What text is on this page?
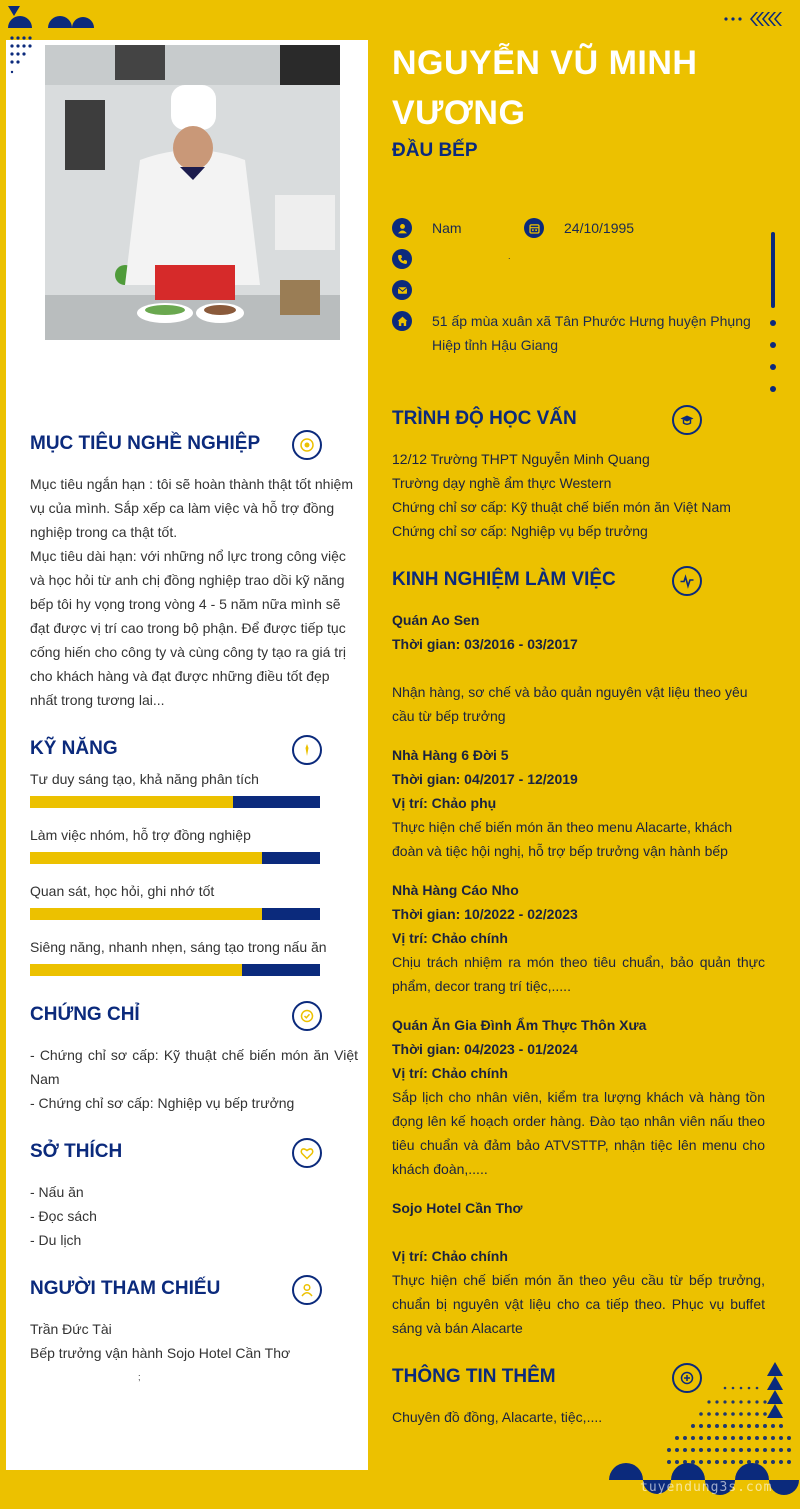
NGUYỄN VŨ MINH VƯƠNG
ĐẦU BẾP
Nam	24/10/1995
.
51 ấp mùa xuân xã Tân Phước Hưng huyện Phụng Hiệp tỉnh Hậu Giang
MỤC TIÊU NGHỀ NGHIỆP
Mục tiêu ngắn hạn : tôi sẽ hoàn thành thật tốt nhiệm vụ của mình. Sắp xếp ca làm việc và hỗ trợ đồng nghiệp trong ca thật tốt.
Mục tiêu dài hạn: với những nổ lực trong công việc và học hỏi từ anh chị đồng nghiệp trao dồi kỹ năng bếp tôi hy vọng trong vòng 4 - 5 năm nữa mình sẽ đạt được vị trí cao trong bộ phận. Để được tiếp tục cống hiến cho công ty và cùng công ty tạo ra giá trị cho khách hàng và đạt được những điều tốt đẹp nhất trong tương lai...
KỸ NĂNG
Tư duy sáng tạo, khả năng phân tích
Làm việc nhóm, hỗ trợ đồng nghiệp
Quan sát, học hỏi, ghi nhớ tốt
Siêng năng, nhanh nhẹn, sáng tạo trong nấu ăn
CHỨNG CHỈ
- Chứng chỉ sơ cấp: Kỹ thuật chế biến món ăn Việt Nam
- Chứng chỉ sơ cấp: Nghiệp vụ bếp trưởng
SỞ THÍCH
- Nấu ăn
- Đọc sách
- Du lịch
NGƯỜI THAM CHIẾU
Trần Đức Tài
Bếp trưởng vận hành Sojo Hotel Cần Thơ
;
TRÌNH ĐỘ HỌC VẤN
12/12 Trường THPT Nguyễn Minh Quang
Trường dạy nghề ẩm thực Western
Chứng chỉ sơ cấp: Kỹ thuật chế biến món ăn Việt Nam
Chứng chỉ sơ cấp: Nghiệp vụ bếp trưởng
KINH NGHIỆM LÀM VIỆC
Quán Ao Sen
Thời gian: 03/2016 - 03/2017
Nhận hàng, sơ chế và bảo quản nguyên vật liệu theo yêu cầu từ bếp trưởng
Nhà Hàng 6 Đời 5
Thời gian: 04/2017 - 12/2019
Vị trí: Chảo phụ
Thực hiện chế biến món ăn theo menu Alacarte, khách đoàn và tiệc hội nghị, hỗ trợ bếp trưởng vận hành bếp
Nhà Hàng Cáo Nho
Thời gian: 10/2022 - 02/2023
Vị trí: Chảo chính
Chịu trách nhiệm ra món theo tiêu chuẩn, bảo quản thực phẩm, decor trang trí tiệc,.....
Quán Ăn Gia Đình Ẩm Thực Thôn Xưa
Thời gian: 04/2023 - 01/2024
Vị trí: Chảo chính
Sắp lịch cho nhân viên, kiểm tra lượng khách và hàng tồn đọng lên kế hoạch order hàng. Đào tạo nhân viên nấu theo tiêu chuẩn và đảm bảo ATVSTTP, nhận tiệc lên menu cho khách đoàn,.....
Sojo Hotel Cần Thơ
Vị trí: Chảo chính
Thực hiện chế biến món ăn theo yêu cầu từ bếp trưởng, chuẩn bị nguyên vật liệu cho ca tiếp theo. Phục vụ buffet sáng và bán Alacarte
THÔNG TIN THÊM
Chuyên đồ đồng, Alacarte, tiệc,....
tuyendung3s.com
